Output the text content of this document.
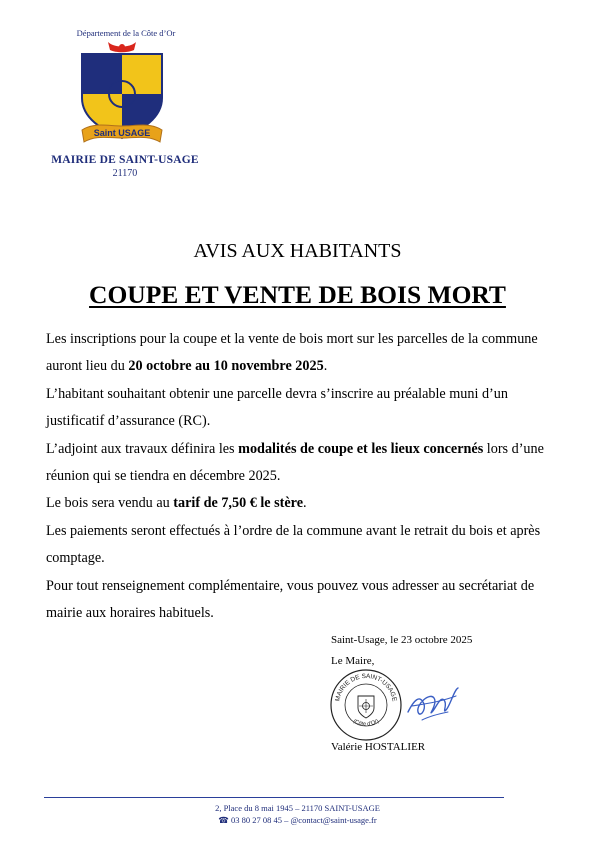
Département de la Côte d’Or
Saint USAGE
MAIRIE DE SAINT-USAGE
21170
AVIS AUX HABITANTS
COUPE ET VENTE DE BOIS MORT

Les inscriptions pour la coupe et la vente de bois mort sur les parcelles de la commune auront lieu du 20 octobre au 10 novembre 2025.

L’habitant souhaitant obtenir une parcelle devra s’inscrire au préalable muni d’un justificatif d’assurance (RC).

L’adjoint aux travaux définira les modalités de coupe et les lieux concernés lors d’une réunion qui se tiendra en décembre 2025.

Le bois sera vendu au tarif de 7,50 € le stère.

Les paiements seront effectués à l’ordre de la commune avant le retrait du bois et après comptage.

Pour tout renseignement complémentaire, vous pouvez vous adresser au secrétariat de mairie aux horaires habituels.

Saint-Usage, le 23 octobre 2025
Le Maire,
MAIRIE DE SAINT-USAGE
(Côte d’Or)
Valérie HOSTALIER
2, Place du 8 mai 1945 – 21170 SAINT-USAGE
☎ 03 80 27 08 45 – @contact@saint-usage.fr
